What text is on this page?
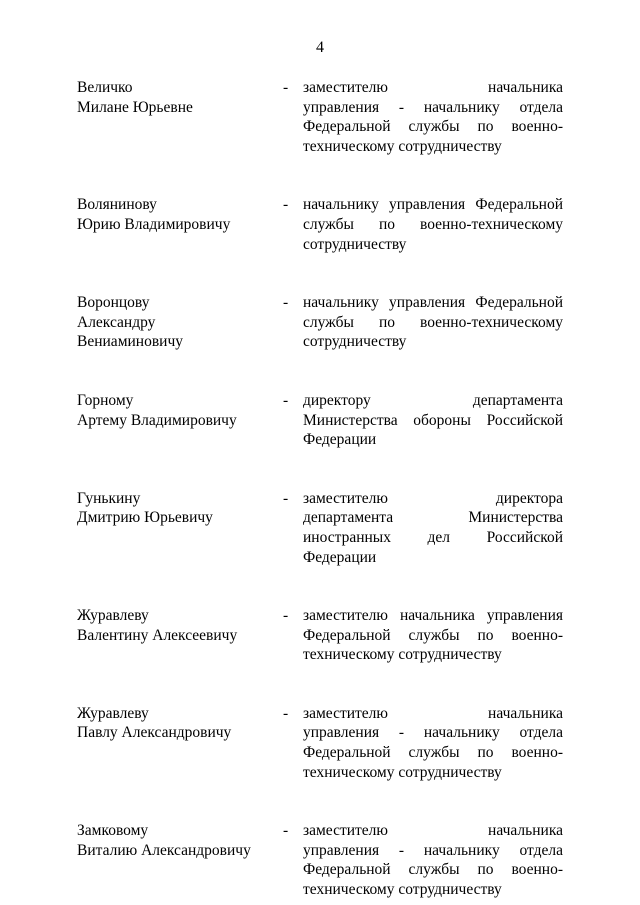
4
Величко
Милане Юрьевне
- заместителю начальника
управления - начальнику отдела
Федеральной службы по военно-
техническому сотрудничеству
Волянинову
Юрию Владимировичу
- начальнику управления Федеральной
службы по военно-техническому
сотрудничеству
Воронцову
Александру
Вениаминовичу
- начальнику управления Федеральной
службы по военно-техническому
сотрудничеству
Горному
Артему Владимировичу
- директору департамента
Министерства обороны Российской
Федерации
Гунькину
Дмитрию Юрьевичу
- заместителю директора
департамента Министерства
иностранных дел Российской
Федерации
Журавлеву
Валентину Алексеевичу
- заместителю начальника управления
Федеральной службы по военно-
техническому сотрудничеству
Журавлеву
Павлу Александровичу
- заместителю начальника
управления - начальнику отдела
Федеральной службы по военно-
техническому сотрудничеству
Замковому
Виталию Александровичу
- заместителю начальника
управления - начальнику отдела
Федеральной службы по военно-
техническому сотрудничеству
